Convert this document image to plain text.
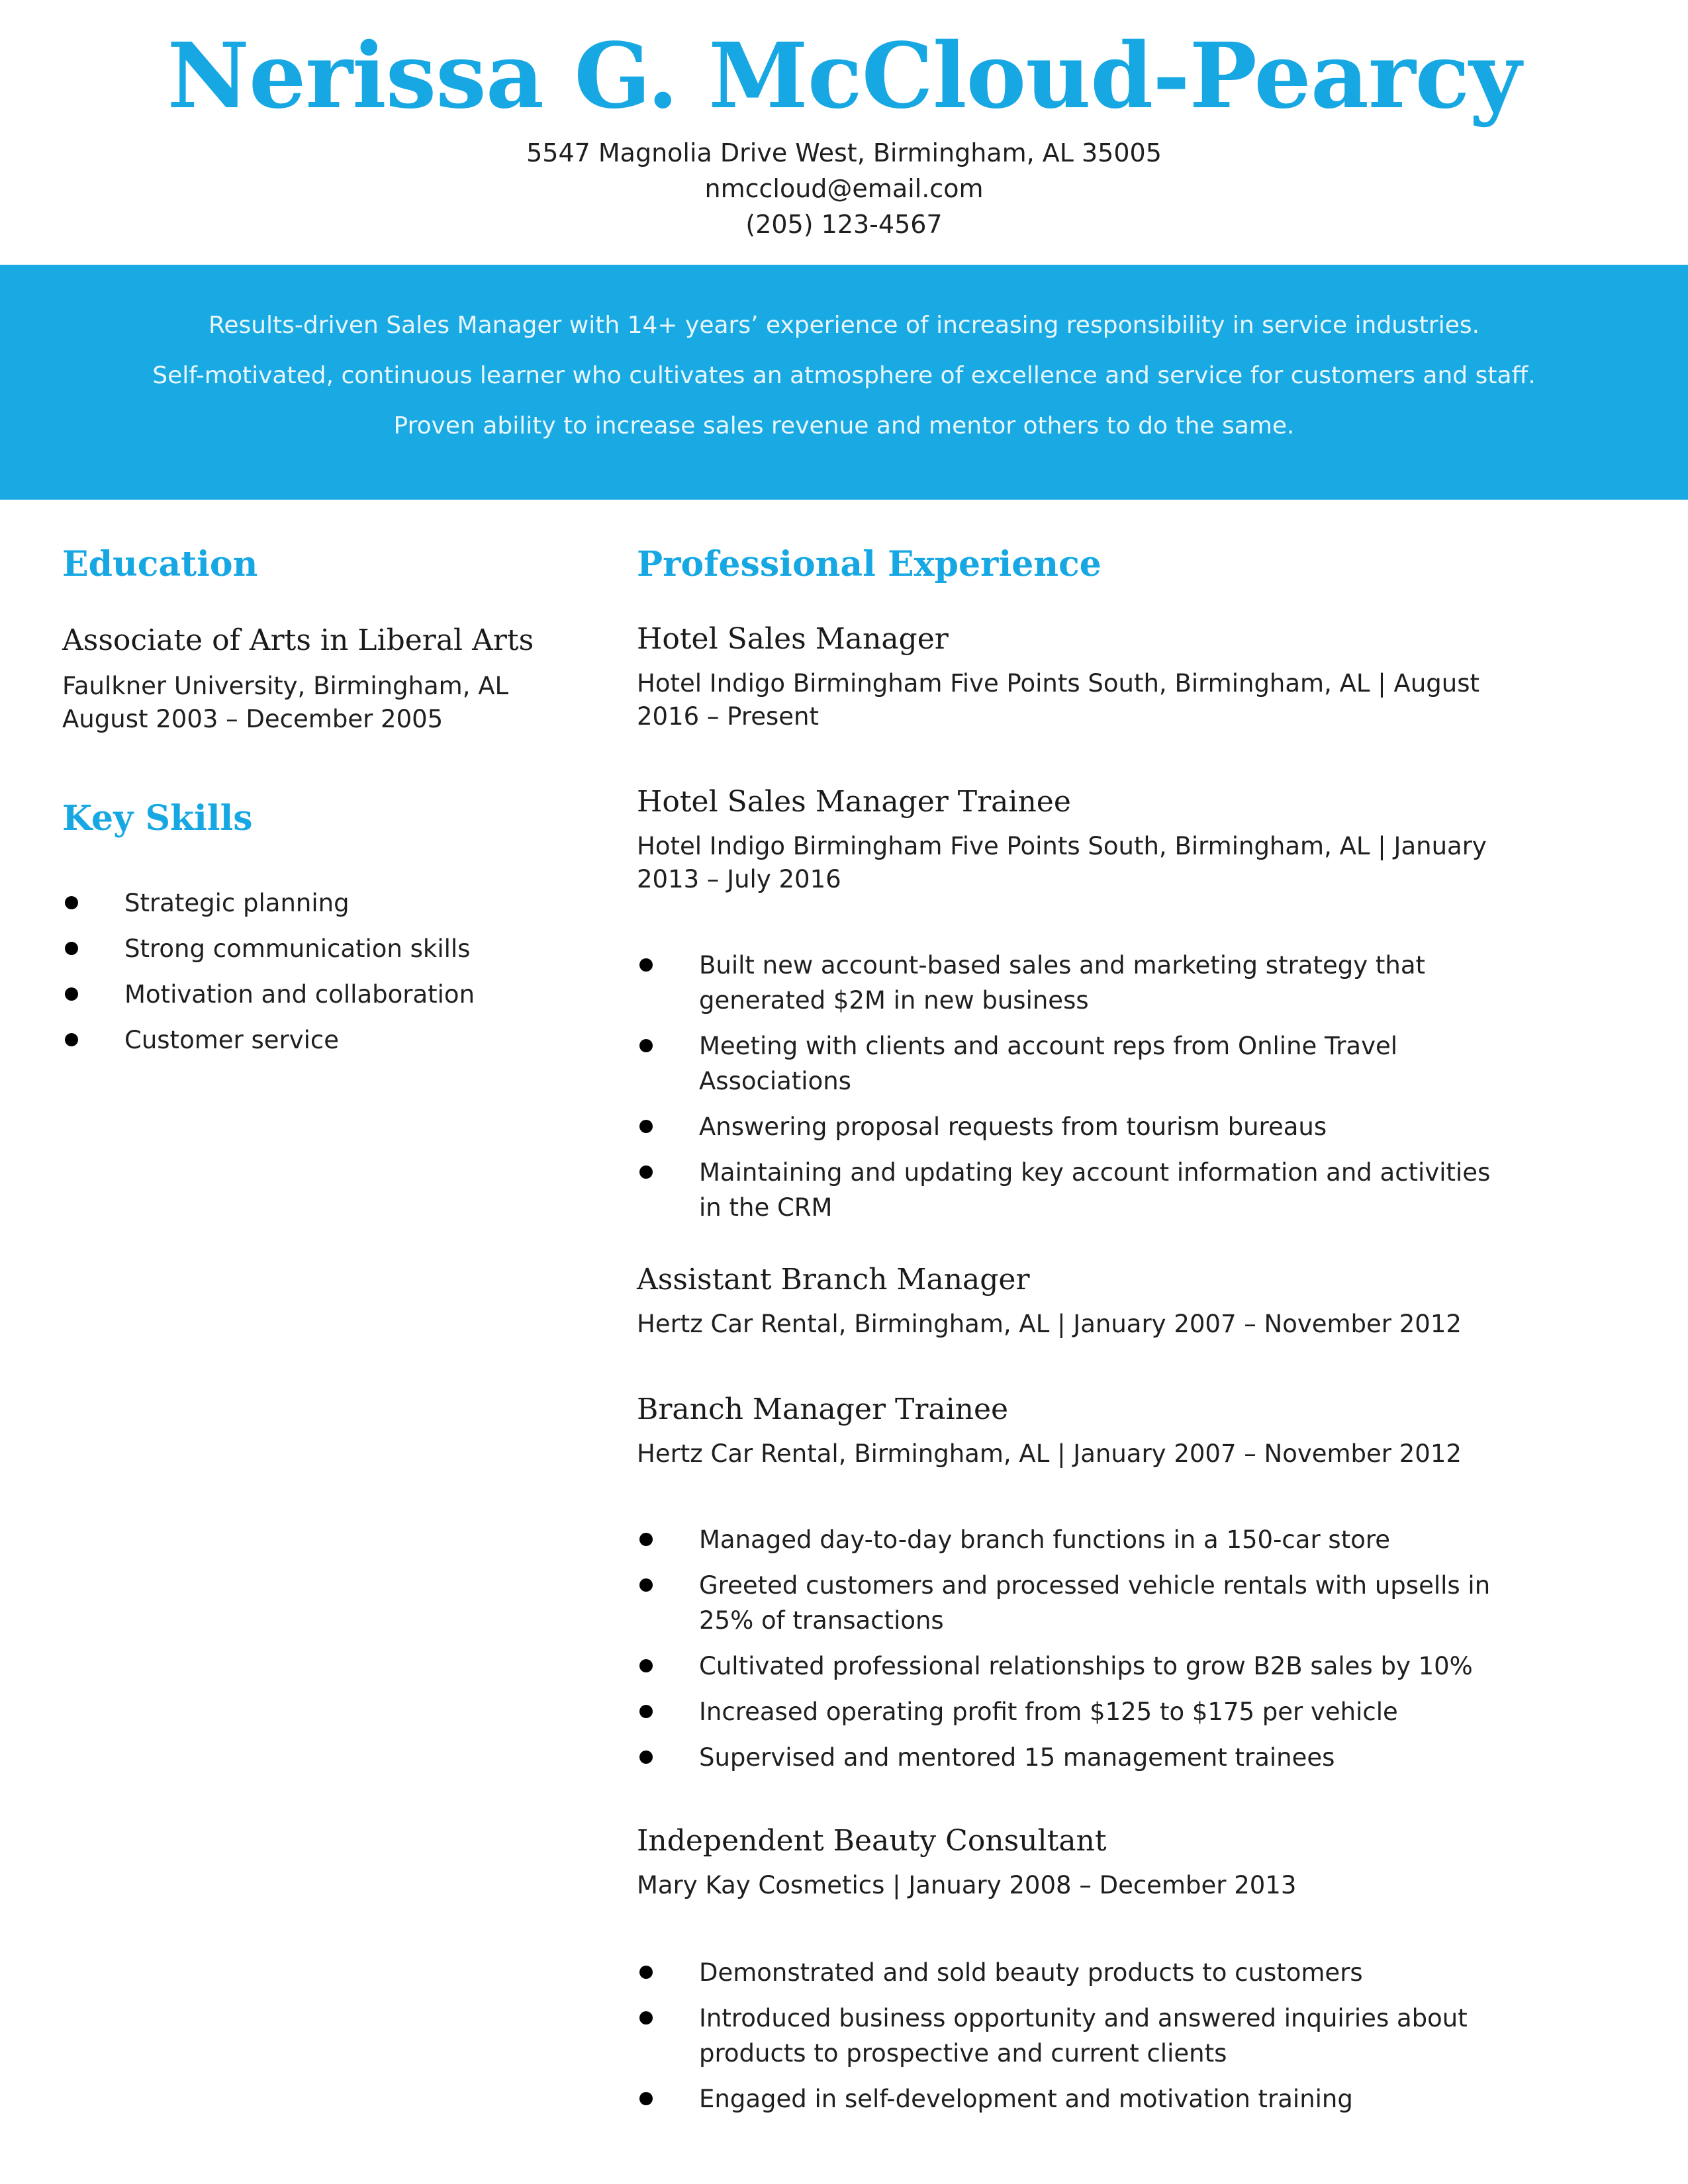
Nerissa G. McCloud-Pearcy
5547 Magnolia Drive West, Birmingham, AL 35005
nmccloud@email.com
(205) 123-4567
Results-driven Sales Manager with 14+ years’ experience of increasing responsibility in service industries.
Self-motivated, continuous learner who cultivates an atmosphere of excellence and service for customers and staff.
Proven ability to increase sales revenue and mentor others to do the same.
Education
Associate of Arts in Liberal Arts
Faulkner University, Birmingham, AL
August 2003 – December 2005
Key Skills
Strategic planning
Strong communication skills
Motivation and collaboration
Customer service
Professional Experience
Hotel Sales Manager
Hotel Indigo Birmingham Five Points South, Birmingham, AL | August
2016 – Present
Hotel Sales Manager Trainee
Hotel Indigo Birmingham Five Points South, Birmingham, AL | January
2013 – July 2016
Built new account-based sales and marketing strategy that
generated $2M in new business
Meeting with clients and account reps from Online Travel
Associations
Answering proposal requests from tourism bureaus
Maintaining and updating key account information and activities
in the CRM
Assistant Branch Manager
Hertz Car Rental, Birmingham, AL | January 2007 – November 2012
Branch Manager Trainee
Hertz Car Rental, Birmingham, AL | January 2007 – November 2012
Managed day-to-day branch functions in a 150-car store
Greeted customers and processed vehicle rentals with upsells in
25% of transactions
Cultivated professional relationships to grow B2B sales by 10%
Increased operating profit from $125 to $175 per vehicle
Supervised and mentored 15 management trainees
Independent Beauty Consultant
Mary Kay Cosmetics | January 2008 – December 2013
Demonstrated and sold beauty products to customers
Introduced business opportunity and answered inquiries about
products to prospective and current clients
Engaged in self-development and motivation training
